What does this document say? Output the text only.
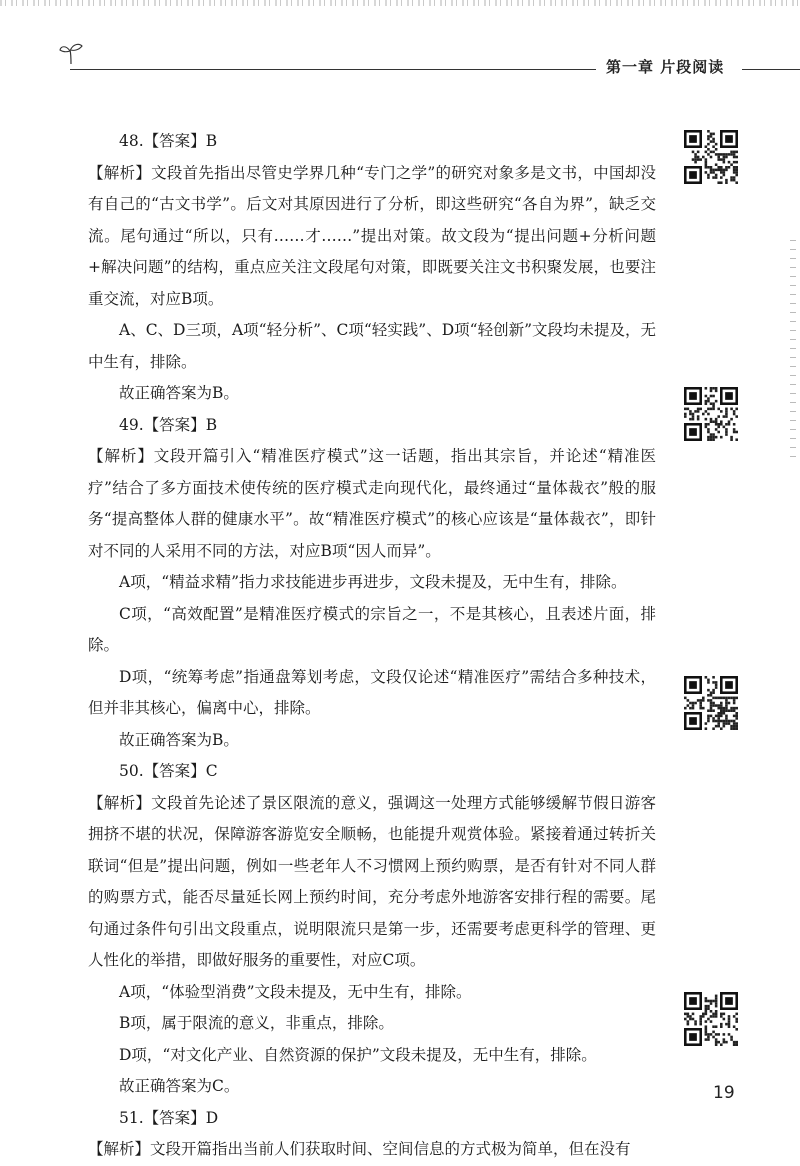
第一章 片段阅读

48.【答案】B

【解析】文段首先指出尽管史学界几种“专门之学”的研究对象多是文书，中国却没有自己的“古文书学”。后文对其原因进行了分析，即这些研究“各自为界”，缺乏交流。尾句通过“所以，只有……才……”提出对策。故文段为“提出问题+分析问题+解决问题”的结构，重点应关注文段尾句对策，即既要关注文书积聚发展，也要注重交流，对应B项。

A、C、D三项，A项“轻分析”、C项“轻实践”、D项“轻创新”文段均未提及，无中生有，排除。

故正确答案为B。

49.【答案】B

【解析】文段开篇引入“精准医疗模式”这一话题，指出其宗旨，并论述“精准医疗”结合了多方面技术使传统的医疗模式走向现代化，最终通过“量体裁衣”般的服务“提高整体人群的健康水平”。故“精准医疗模式”的核心应该是“量体裁衣”，即针对不同的人采用不同的方法，对应B项“因人而异”。

A项，“精益求精”指力求技能进步再进步，文段未提及，无中生有，排除。

C项，“高效配置”是精准医疗模式的宗旨之一，不是其核心，且表述片面，排除。

D项，“统筹考虑”指通盘筹划考虑，文段仅论述“精准医疗”需结合多种技术，但并非其核心，偏离中心，排除。

故正确答案为B。

50.【答案】C

【解析】文段首先论述了景区限流的意义，强调这一处理方式能够缓解节假日游客拥挤不堪的状况，保障游客游览安全顺畅，也能提升观赏体验。紧接着通过转折关联词“但是”提出问题，例如一些老年人不习惯网上预约购票，是否有针对不同人群的购票方式，能否尽量延长网上预约时间，充分考虑外地游客安排行程的需要。尾句通过条件句引出文段重点，说明限流只是第一步，还需要考虑更科学的管理、更人性化的举措，即做好服务的重要性，对应C项。

A项，“体验型消费”文段未提及，无中生有，排除。

B项，属于限流的意义，非重点，排除。

D项，“对文化产业、自然资源的保护”文段未提及，无中生有，排除。

故正确答案为C。

51.【答案】D

【解析】文段开篇指出当前人们获取时间、空间信息的方式极为简单，但在没有

19
